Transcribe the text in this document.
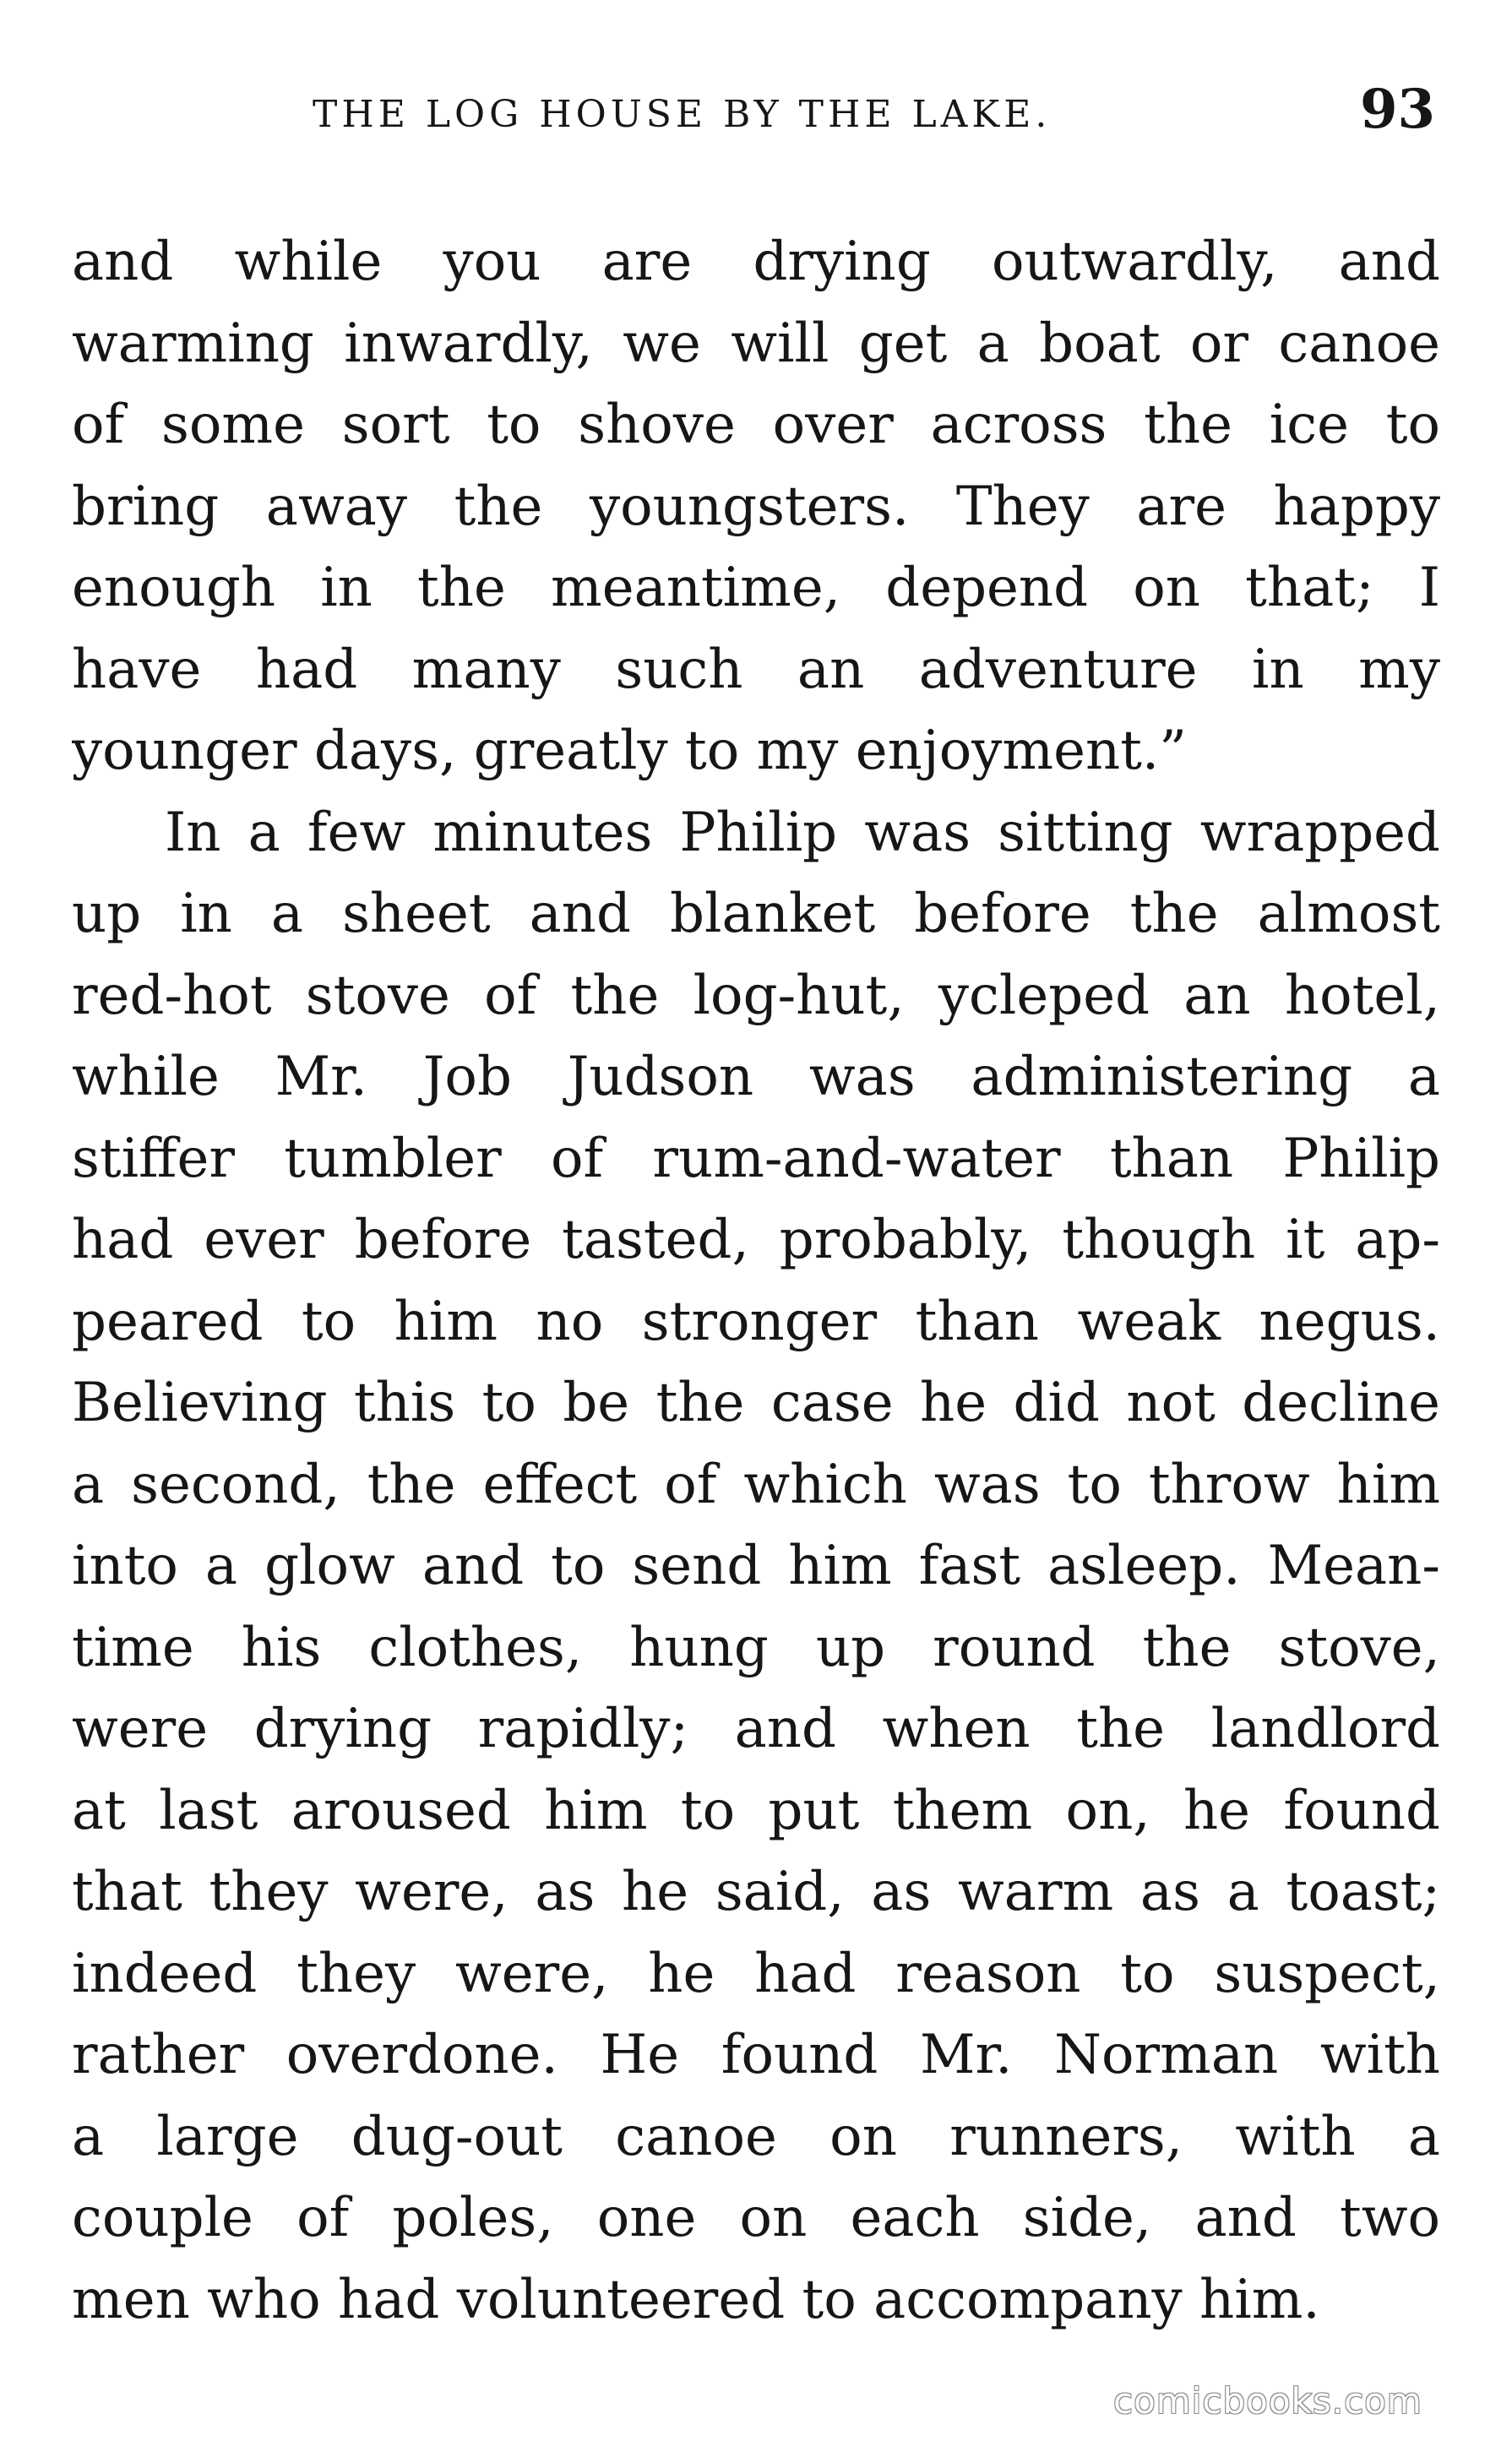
THE LOG HOUSE BY THE LAKE.	93
and while you are drying outwardly, and
warming inwardly, we will get a boat or canoe
of some sort to shove over across the ice to
bring away the youngsters. They are happy
enough in the meantime, depend on that; I
have had many such an adventure in my
younger days, greatly to my enjoyment.”
In a few minutes Philip was sitting wrapped
up in a sheet and blanket before the almost
red-hot stove of the log-hut, ycleped an hotel,
while Mr. Job Judson was administering a
stiffer tumbler of rum-and-water than Philip
had ever before tasted, probably, though it ap-
peared to him no stronger than weak negus.
Believing this to be the case he did not decline
a second, the effect of which was to throw him
into a glow and to send him fast asleep. Mean-
time his clothes, hung up round the stove,
were drying rapidly; and when the landlord
at last aroused him to put them on, he found
that they were, as he said, as warm as a toast;
indeed they were, he had reason to suspect,
rather overdone. He found Mr. Norman with
a large dug-out canoe on runners, with a
couple of poles, one on each side, and two
men who had volunteered to accompany him.
comicbooks.com
